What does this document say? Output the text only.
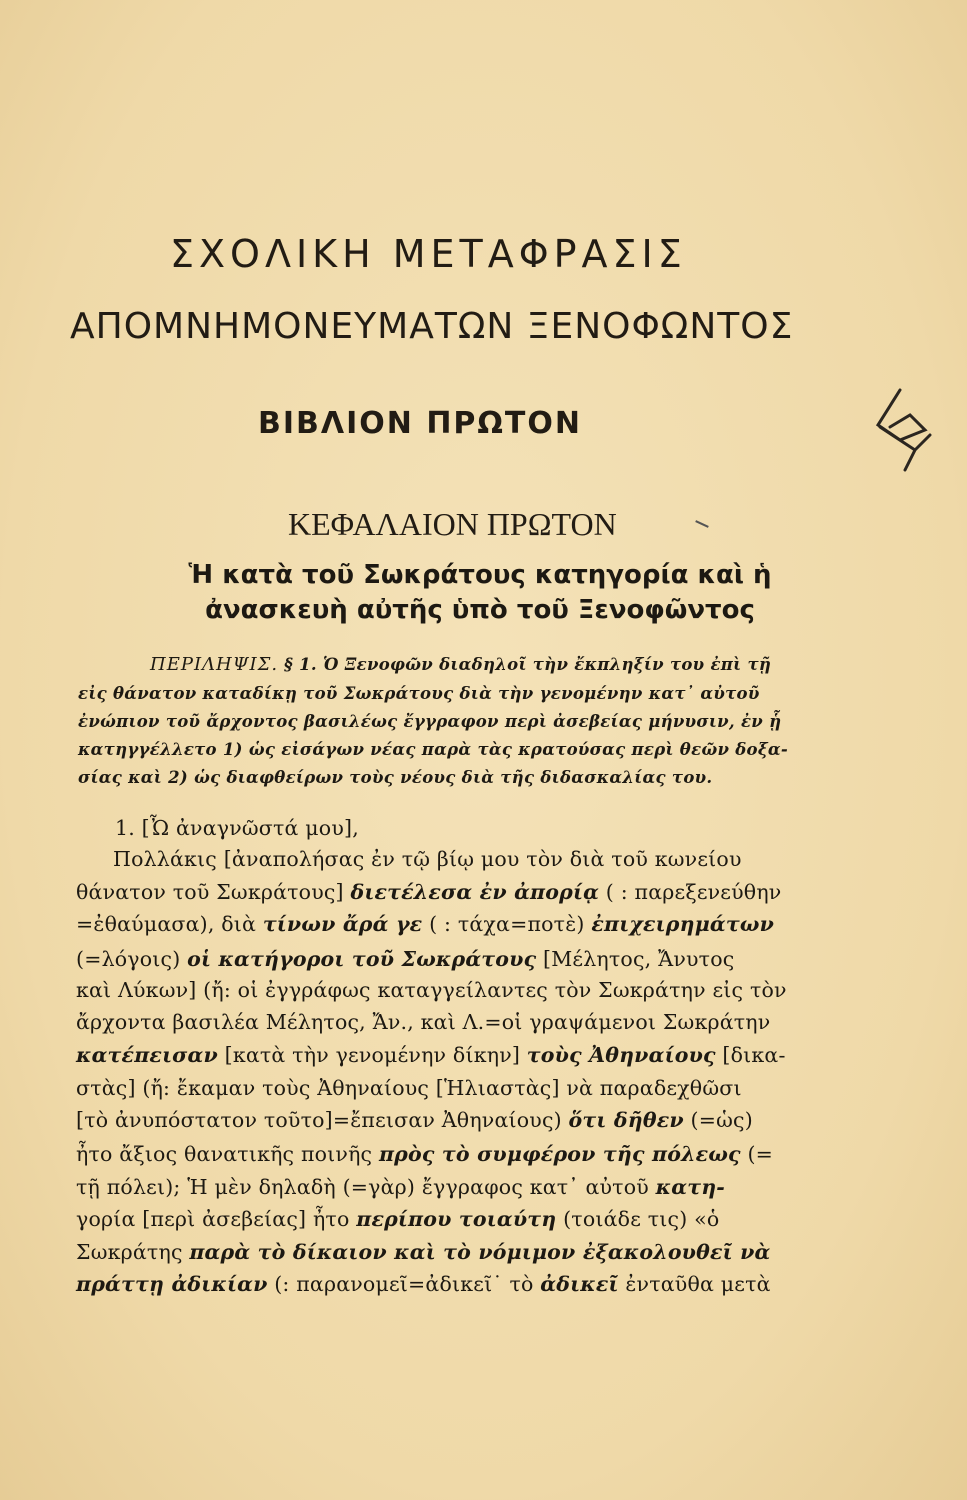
ΣΧΟΛΙΚΗ ΜΕΤΑΦΡΑΣΙΣ
ΑΠΟΜΝΗΜΟΝΕΥΜΑΤΩΝ ΞΕΝΟΦΩΝΤΟΣ
ΒΙΒΛΙΟΝ ΠΡΩΤΟΝ
ΚΕΦΑΛΑΙΟΝ ΠΡΩΤΟΝ
Ἡ κατὰ τοῦ Σωκράτους κατηγορία καὶ ἡ
ἀνασκευὴ αὐτῆς ὑπὸ τοῦ Ξενοφῶντος
ΠΕΡΙΛΗΨΙΣ. § 1. Ὁ Ξενοφῶν διαδηλοῖ τὴν ἔκπληξίν του ἐπὶ τῇ
εἰς θάνατον καταδίκῃ τοῦ Σωκράτους διὰ τὴν γενομένην κατ᾽ αὐτοῦ
ἐνώπιον τοῦ ἄρχοντος βασιλέως ἔγγραφον περὶ ἀσεβείας μήνυσιν, ἐν ᾗ
κατηγγέλλετο 1) ὡς εἰσάγων νέας παρὰ τὰς κρατούσας περὶ θεῶν δοξα-
σίας καὶ 2) ὡς διαφθείρων τοὺς νέους διὰ τῆς διδασκαλίας του.
1. [Ὦ ἀναγνῶστά μου],
Πολλάκις [ἀναπολήσας ἐν τῷ βίῳ μου τὸν διὰ τοῦ κωνείου
θάνατον τοῦ Σωκράτους] διετέλεσα ἐν ἀπορίᾳ ( : παρεξενεύθην
=ἐθαύμασα), διὰ τίνων ἄρά γε ( : τάχα=ποτὲ) ἐπιχειρημάτων
(=λόγοις) οἱ κατήγοροι τοῦ Σωκράτους [Μέλητος, Ἄνυτος
καὶ Λύκων] (ἤ: οἱ ἐγγράφως καταγγείλαντες τὸν Σωκράτην εἰς τὸν
ἄρχοντα βασιλέα Μέλητος, Ἄν., καὶ Λ.=οἱ γραψάμενοι Σωκράτην
κατέπεισαν [κατὰ τὴν γενομένην δίκην] τοὺς Ἀθηναίους [δικα-
στὰς] (ἤ: ἔκαμαν τοὺς Ἀθηναίους [Ἡλιαστὰς] νὰ παραδεχθῶσι
[τὸ ἀνυπόστατον τοῦτο]=ἔπεισαν Ἀθηναίους) ὅτι δῆθεν (=ὡς)
ἦτο ἄξιος θανατικῆς ποινῆς πρὸς τὸ συμφέρον τῆς πόλεως (=
τῇ πόλει); Ἡ μὲν δηλαδὴ (=γὰρ) ἔγγραφος κατ᾽ αὐτοῦ κατη-
γορία [περὶ ἀσεβείας] ἦτο περίπου τοιαύτη (τοιάδε τις) «ὁ
Σωκράτης παρὰ τὸ δίκαιον καὶ τὸ νόμιμον ἐξακολουθεῖ νὰ
πράττῃ ἀδικίαν (: παρανομεῖ=ἀδικεῖ˙ τὸ ἀδικεῖ ἐνταῦθα μετὰ
